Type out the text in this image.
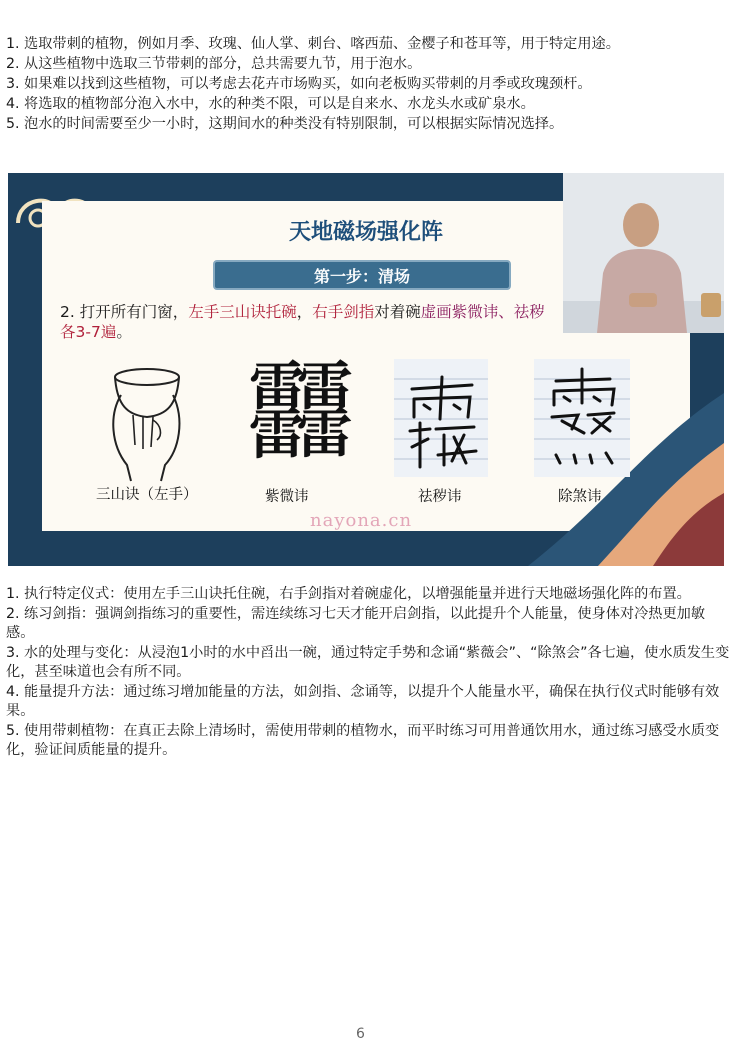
1. 选取带刺的植物，例如月季、玫瑰、仙人掌、刺台、喀西茄、金樱子和苍耳等，用于特定用途。
2. 从这些植物中选取三节带刺的部分，总共需要九节，用于泡水。
3. 如果难以找到这些植物，可以考虑去花卉市场购买，如向老板购买带刺的月季或玫瑰颈杆。
4. 将选取的植物部分泡入水中，水的种类不限，可以是自来水、水龙头水或矿泉水。
5. 泡水的时间需要至少一小时，这期间水的种类没有特别限制，可以根据实际情况选择。
天地磁场强化阵
第一步：清场
2. 打开所有门窗，左手三山诀托碗，右手剑指对着碗虚画紫微讳、祛秽
各3-7遍。
三山诀（左手）
䨻
紫微讳	祛秽讳	除煞讳
nayona.cn
1. 执行特定仪式：使用左手三山诀托住碗，右手剑指对着碗虚化，以增强能量并进行天地磁场强化阵的布置。
2. 练习剑指：强调剑指练习的重要性，需连续练习七天才能开启剑指，以此提升个人能量，使身体对冷热更加敏感。
3. 水的处理与变化：从浸泡1小时的水中舀出一碗，通过特定手势和念诵“紫薇会”、“除煞会”各七遍，使水质发生变化，甚至味道也会有所不同。
4. 能量提升方法：通过练习增加能量的方法，如剑指、念诵等，以提升个人能量水平，确保在执行仪式时能够有效果。
5. 使用带刺植物：在真正去除上清场时，需使用带刺的植物水，而平时练习可用普通饮用水，通过练习感受水质变化，验证间质能量的提升。
6
